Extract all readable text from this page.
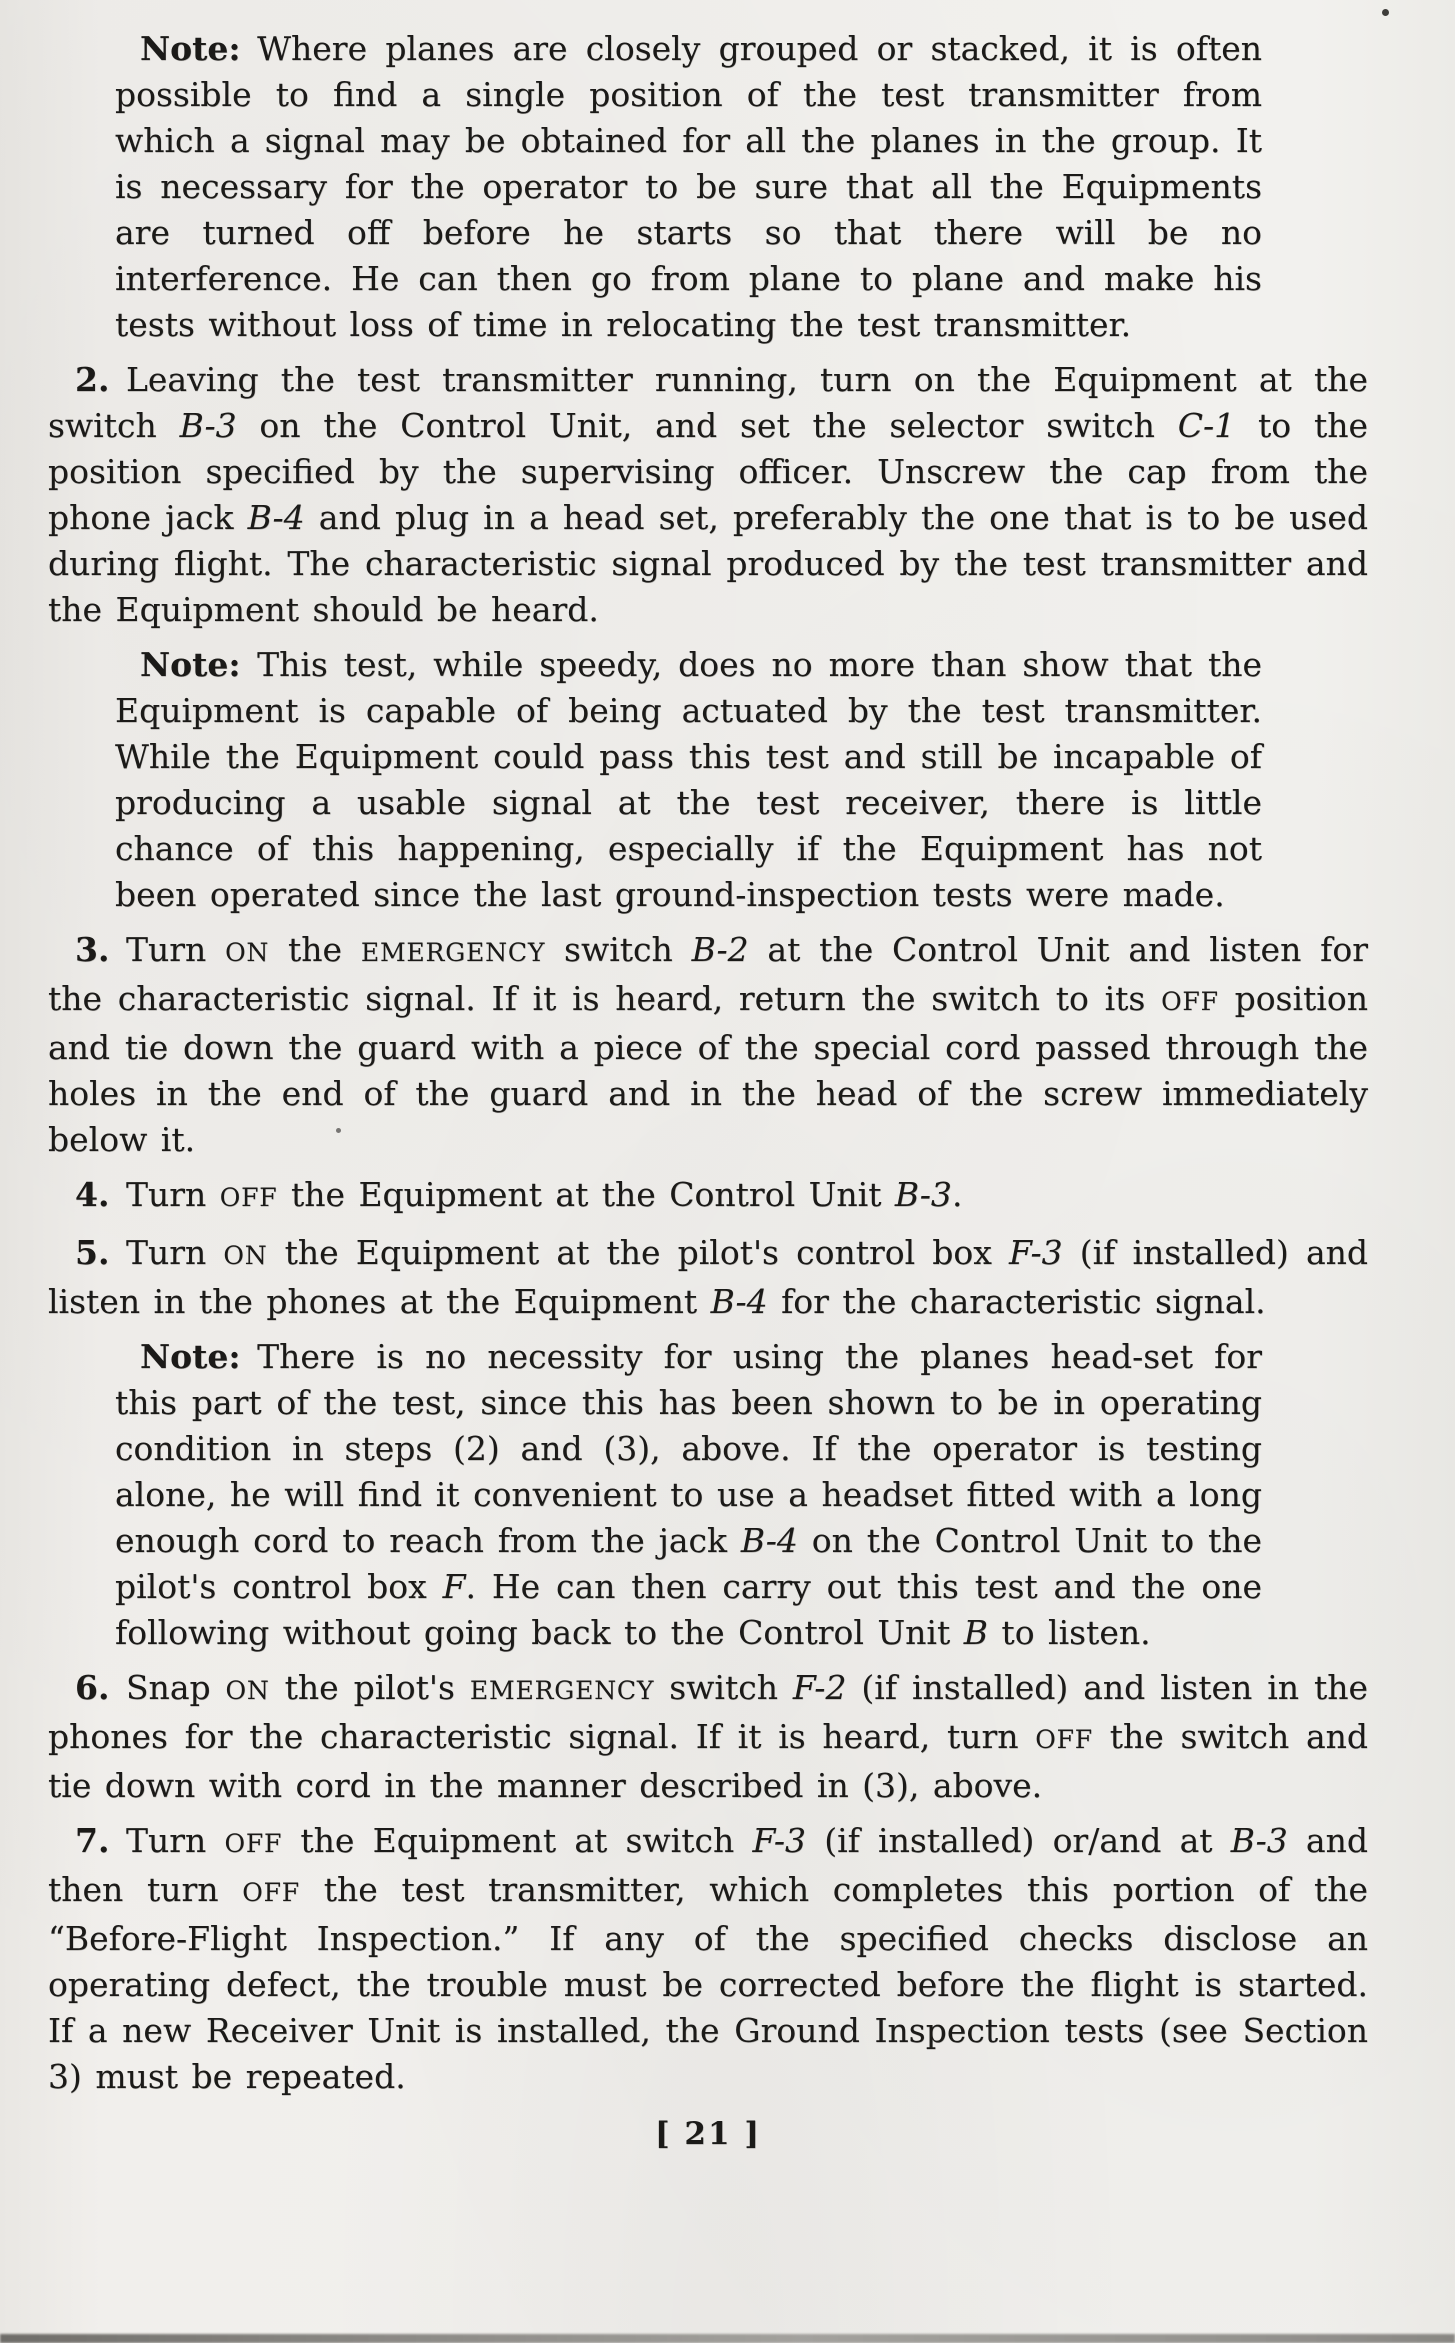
Note: Where planes are closely grouped or stacked, it is often possible to find a single position of the test transmitter from which a signal may be obtained for all the planes in the group. It is necessary for the operator to be sure that all the Equipments are turned off before he starts so that there will be no interference. He can then go from plane to plane and make his tests without loss of time in relocating the test transmitter.

2. Leaving the test transmitter running, turn on the Equipment at the switch B-3 on the Control Unit, and set the selector switch C-1 to the position specified by the supervising officer. Unscrew the cap from the phone jack B-4 and plug in a head set, preferably the one that is to be used during flight. The characteristic signal produced by the test transmitter and the Equipment should be heard.

Note: This test, while speedy, does no more than show that the Equipment is capable of being actuated by the test transmitter. While the Equipment could pass this test and still be incapable of producing a usable signal at the test receiver, there is little chance of this happening, especially if the Equipment has not been operated since the last ground-inspection tests were made.

3. Turn ON the EMERGENCY switch B-2 at the Control Unit and listen for the characteristic signal. If it is heard, return the switch to its OFF position and tie down the guard with a piece of the special cord passed through the holes in the end of the guard and in the head of the screw immediately below it.

4. Turn OFF the Equipment at the Control Unit B-3.

5. Turn ON the Equipment at the pilot's control box F-3 (if installed) and listen in the phones at the Equipment B-4 for the characteristic signal.

Note: There is no necessity for using the planes head-set for this part of the test, since this has been shown to be in operating condition in steps (2) and (3), above. If the operator is testing alone, he will find it convenient to use a headset fitted with a long enough cord to reach from the jack B-4 on the Control Unit to the pilot's control box F. He can then carry out this test and the one following without going back to the Control Unit B to listen.

6. Snap ON the pilot's EMERGENCY switch F-2 (if installed) and listen in the phones for the characteristic signal. If it is heard, turn OFF the switch and tie down with cord in the manner described in (3), above.

7. Turn OFF the Equipment at switch F-3 (if installed) or/and at B-3 and then turn OFF the test transmitter, which completes this portion of the “Before-Flight Inspection.” If any of the specified checks disclose an operating defect, the trouble must be corrected before the flight is started. If a new Receiver Unit is installed, the Ground Inspection tests (see Section 3) must be repeated.

[ 21 ]
